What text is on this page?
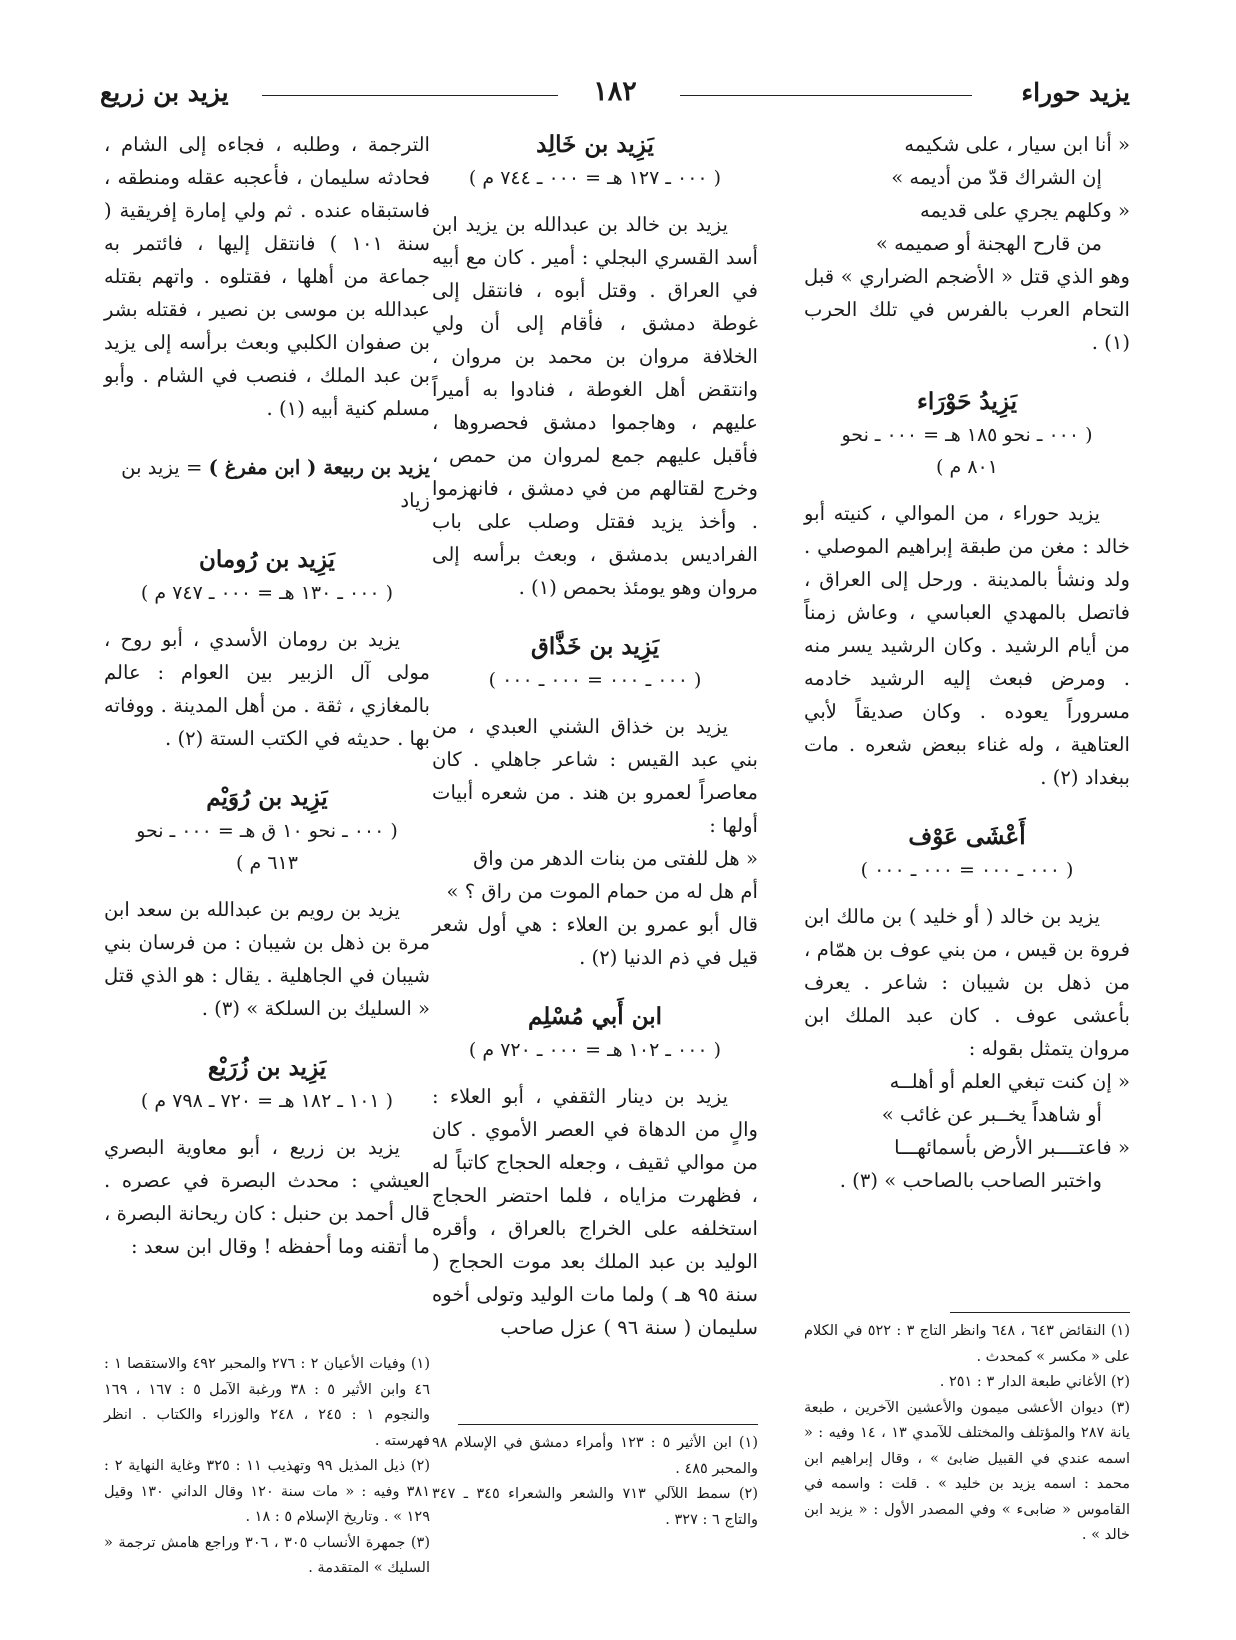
يزيد حوراء
١٨٢
يزيد بن زريع

« أنا ابن سيار ، على شكيمه

إن الشراك قدّ من أديمه »

« وكلهم يجري على قديمه

من قارح الهجنة أو صميمه »

وهو الذي قتل « الأضجم الضراري » قبل التحام العرب بالفرس في تلك الحرب (١) .

يَزِيدُ حَوْرَاء

( ٠٠٠ ـ نحو ١٨٥ هـ = ٠٠٠ ـ نحو

٨٠١ م )

يزيد حوراء ، من الموالي ، كنيته أبو خالد : مغن من طبقة إبراهيم الموصلي . ولد ونشأ بالمدينة . ورحل إلى العراق ، فاتصل بالمهدي العباسي ، وعاش زمناً من أيام الرشيد . وكان الرشيد يسر منه . ومرض فبعث إليه الرشيد خادمه مسروراً يعوده . وكان صديقاً لأبي العتاهية ، وله غناء ببعض شعره . مات ببغداد (٢) .

أَعْشَى عَوْف

( ٠٠٠ ـ ٠٠٠ = ٠٠٠ ـ ٠٠٠ )

يزيد بن خالد ( أو خليد ) بن مالك ابن فروة بن قيس ، من بني عوف بن همّام ، من ذهل بن شيبان : شاعر . يعرف بأعشى عوف . كان عبد الملك ابن مروان يتمثل بقوله :

« إن كنت تبغي العلم أو أهلــه

أو شاهداً يخــبر عن غائب »

« فاعتــــبر الأرض بأسمائهـــا

واختبر الصاحب بالصاحب » (٣) .

(١) النقائض ٦٤٣ ، ٦٤٨ وانظر التاج ٣ : ٥٢٢ في الكلام على « مكسر » كمحدث .

(٢) الأغاني طبعة الدار ٣ : ٢٥١ .

(٣) ديوان الأعشى ميمون والأعشين الآخرين ، طبعة يانة ٢٨٧ والمؤتلف والمختلف للآمدي ١٣ ، ١٤ وفيه : « اسمه عندي في القبيل ضابئ » ، وقال إبراهيم ابن محمد : اسمه يزيد بن خليد » . قلت : واسمه في القاموس « ضابىء » وفي المصدر الأول : « يزيد ابن خالد » .

يَزِيد بن خَالِد

( ٠٠٠ ـ ١٢٧ هـ = ٠٠٠ ـ ٧٤٤ م )

يزيد بن خالد بن عبدالله بن يزيد ابن أسد القسري البجلي : أمير . كان مع أبيه في العراق . وقتل أبوه ، فانتقل إلى غوطة دمشق ، فأقام إلى أن ولي الخلافة مروان بن محمد بن مروان ، وانتقض أهل الغوطة ، فنادوا به أميراً عليهم ، وهاجموا دمشق فحصروها ، فأقبل عليهم جمع لمروان من حمص ، وخرج لقتالهم من في دمشق ، فانهزموا . وأخذ يزيد فقتل وصلب على باب الفراديس بدمشق ، وبعث برأسه إلى مروان وهو يومئذ بحمص (١) .

يَزِيد بن خَذَّاق

( ٠٠٠ ـ ٠٠٠ = ٠٠٠ ـ ٠٠٠ )

يزيد بن خذاق الشني العبدي ، من بني عبد القيس : شاعر جاهلي . كان معاصراً لعمرو بن هند . من شعره أبيات أولها :

« هل للفتى من بنات الدهر من واق

أم هل له من حمام الموت من راق ؟ »

قال أبو عمرو بن العلاء : هي أول شعر قيل في ذم الدنيا (٢) .

ابن أَبي مُسْلِم

( ٠٠٠ ـ ١٠٢ هـ = ٠٠٠ ـ ٧٢٠ م )

يزيد بن دينار الثقفي ، أبو العلاء : والٍ من الدهاة في العصر الأموي . كان من موالي ثقيف ، وجعله الحجاج كاتباً له ، فظهرت مزاياه ، فلما احتضر الحجاج استخلفه على الخراج بالعراق ، وأقره الوليد بن عبد الملك بعد موت الحجاج ( سنة ٩٥ هـ ) ولما مات الوليد وتولى أخوه سليمان ( سنة ٩٦ ) عزل صاحب

(١) ابن الأثير ٥ : ١٢٣ وأمراء دمشق في الإسلام ٩٨ والمحبر ٤٨٥ .

(٢) سمط اللآلي ٧١٣ والشعر والشعراء ٣٤٥ ـ ٣٤٧ والتاج ٦ : ٣٢٧ .

الترجمة ، وطلبه ، فجاءه إلى الشام ، فحادثه سليمان ، فأعجبه عقله ومنطقه ، فاستبقاه عنده . ثم ولي إمارة إفريقية ( سنة ١٠١ ) فانتقل إليها ، فائتمر به جماعة من أهلها ، فقتلوه . واتهم بقتله عبدالله بن موسى بن نصير ، فقتله بشر بن صفوان الكلبي وبعث برأسه إلى يزيد بن عبد الملك ، فنصب في الشام . وأبو مسلم كنية أبيه (١) .

يزيد بن ربيعة ( ابن مفرغ ) = يزيد بن زياد

يَزِيد بن رُومان

( ٠٠٠ ـ ١٣٠ هـ = ٠٠٠ ـ ٧٤٧ م )

يزيد بن رومان الأسدي ، أبو روح ، مولى آل الزبير بين العوام : عالم بالمغازي ، ثقة . من أهل المدينة . ووفاته بها . حديثه في الكتب الستة (٢) .

يَزِيد بن رُوَيْم

( ٠٠٠ ـ نحو ١٠ ق هـ = ٠٠٠ ـ نحو

٦١٣ م )

يزيد بن رويم بن عبدالله بن سعد ابن مرة بن ذهل بن شيبان : من فرسان بني شيبان في الجاهلية . يقال : هو الذي قتل « السليك بن السلكة » (٣) .

يَزِيد بن زُرَيْع

( ١٠١ ـ ١٨٢ هـ = ٧٢٠ ـ ٧٩٨ م )

يزيد بن زريع ، أبو معاوية البصري العيشي : محدث البصرة في عصره . قال أحمد بن حنبل : كان ريحانة البصرة ، ما أتقنه وما أحفظه ! وقال ابن سعد :

(١) وفيات الأعيان ٢ : ٢٧٦ والمحبر ٤٩٢ والاستقصا ١ : ٤٦ وابن الأثير ٥ : ٣٨ ورغبة الآمل ٥ : ١٦٧ ، ١٦٩ والنجوم ١ : ٢٤٥ ، ٢٤٨ والوزراء والكتاب . انظر فهرسته .

(٢) ذيل المذيل ٩٩ وتهذيب ١١ : ٣٢٥ وغاية النهاية ٢ : ٣٨١ وفيه : « مات سنة ١٢٠ وقال الداني ١٣٠ وقيل ١٢٩ » . وتاريخ الإسلام ٥ : ١٨ .

(٣) جمهرة الأنساب ٣٠٥ ، ٣٠٦ وراجع هامش ترجمة « السليك » المتقدمة .
